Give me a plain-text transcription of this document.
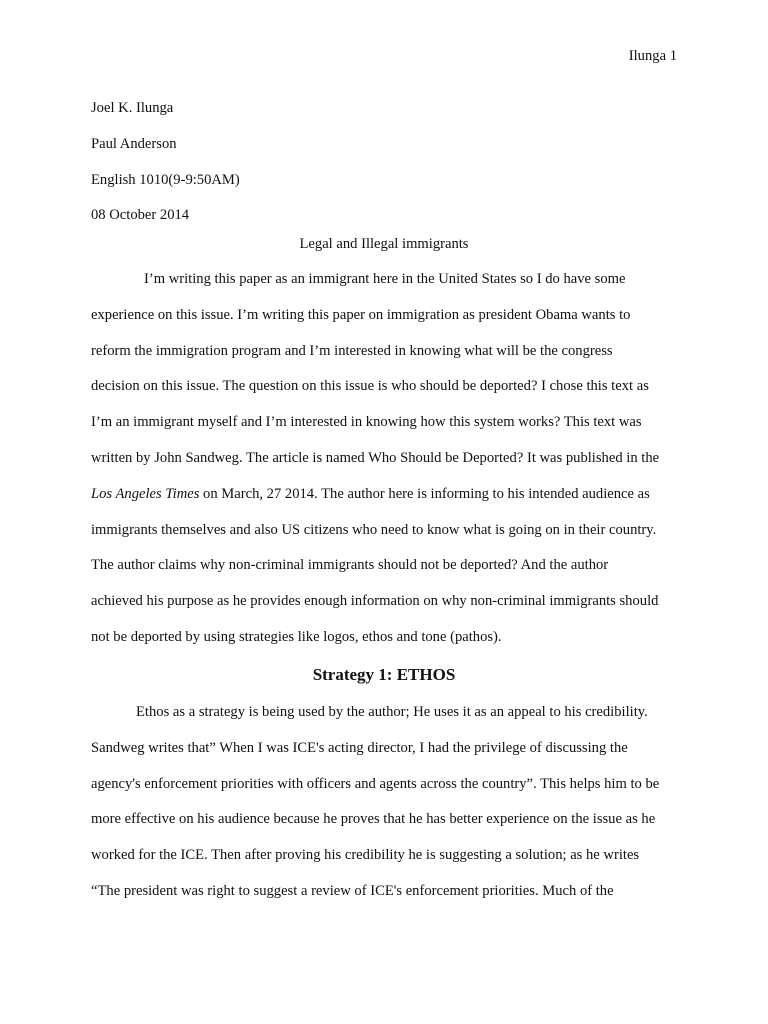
Ilunga 1

Joel K. Ilunga
Paul Anderson
English 1010(9-9:50AM)
08 October 2014
Legal and Illegal immigrants
I’m writing this paper as an immigrant here in the United States so I do have some
experience on this issue. I’m writing this paper on immigration as president Obama wants to
reform the immigration program and I’m interested in knowing what will be the congress
decision on this issue. The question on this issue is who should be deported? I chose this text as
I’m an immigrant myself and I’m interested in knowing how this system works? This text was
written by John Sandweg. The article is named Who Should be Deported? It was published in the
Los Angeles Times on March, 27 2014. The author here is informing to his intended audience as
immigrants themselves and also US citizens who need to know what is going on in their country.
The author claims why non-criminal immigrants should not be deported? And the author
achieved his purpose as he provides enough information on why non-criminal immigrants should
not be deported by using strategies like logos, ethos and tone (pathos).
Strategy 1: ETHOS
Ethos as a strategy is being used by the author; He uses it as an appeal to his credibility.
Sandweg writes that” When I was ICE's acting director, I had the privilege of discussing the
agency's enforcement priorities with officers and agents across the country”. This helps him to be
more effective on his audience because he proves that he has better experience on the issue as he
worked for the ICE. Then after proving his credibility he is suggesting a solution; as he writes
“The president was right to suggest a review of ICE's enforcement priorities. Much of the
